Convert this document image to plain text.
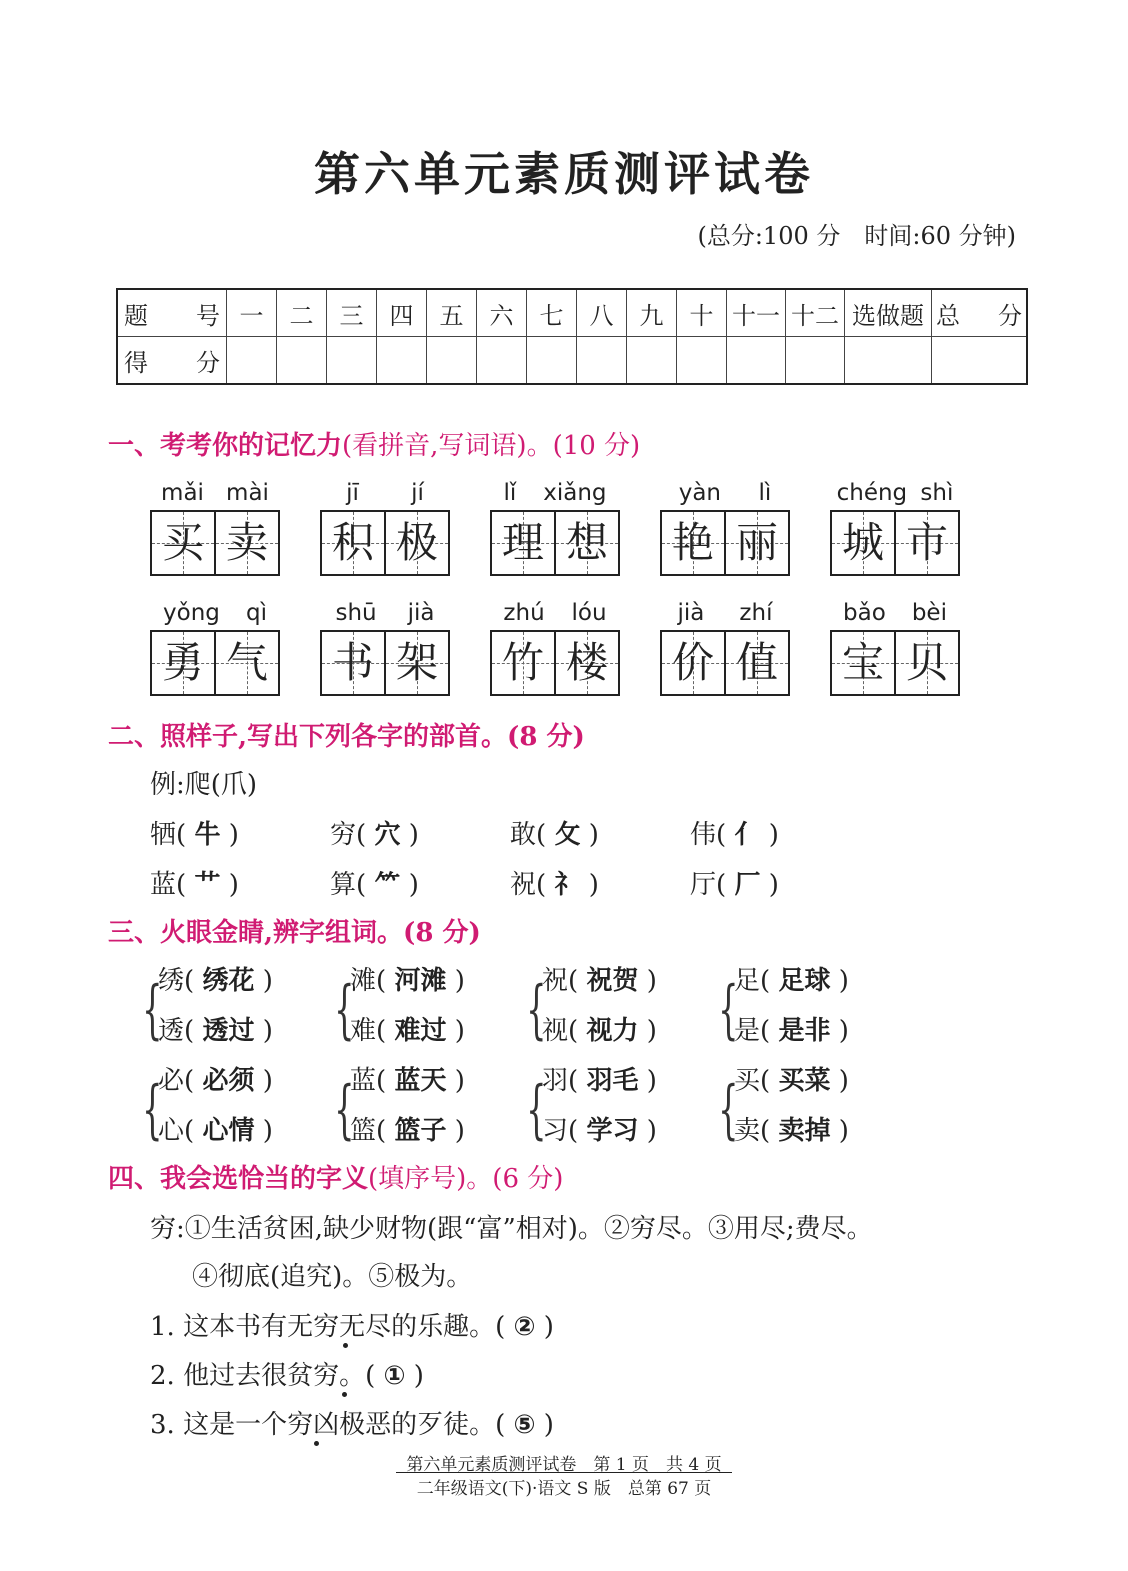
第六单元素质测评试卷
(总分:100 分　时间:60 分钟)
题　号	一	二	三	四	五	六	七	八	九	十	十一	十二	选做题	总　分
得　分														
一、考考你的记忆力(看拼音,写词语)。(10 分)
mǎi mài
买 卖
jī jí
积 极
lǐ xiǎng
理 想
yàn lì
艳 丽
chéng shì
城 市
yǒng qì
勇 气
shū jià
书 架
zhú lóu
竹 楼
jià zhí
价 值
bǎo bèi
宝 贝
二、照样子,写出下列各字的部首。(8 分)
例:爬(爪)
牺( 牛 )	穷( 穴 )	敢( 攵 )	伟( 亻 )
蓝( 艹 )	算( ⺮ )	祝( 礻 )	厅( 厂 )
三、火眼金睛,辨字组词。(8 分)
{
绣( 绣花 )
透( 透过 ) {
滩( 河滩 )
难( 难过 ) {
祝( 祝贺 )
视( 视力 ) {
足( 足球 )
是( 是非 )
{
必( 必须 )
心( 心情 ) {
蓝( 蓝天 )
篮( 篮子 ) {
羽( 羽毛 )
习( 学习 ) {
买( 买菜 )
卖( 卖掉 )
四、我会选恰当的字义(填序号)。(6 分)
穷:①生活贫困,缺少财物(跟“富”相对)。②穷尽。③用尽;费尽。
④彻底(追究)。⑤极为。
1. 这本书有无穷无尽的乐趣。( ② )
2. 他过去很贫穷。( ① )
3. 这是一个穷凶极恶的歹徒。( ⑤ )
第六单元素质测评试卷　第 1 页　共 4 页
二年级语文(下)·语文 S 版　总第 67 页
